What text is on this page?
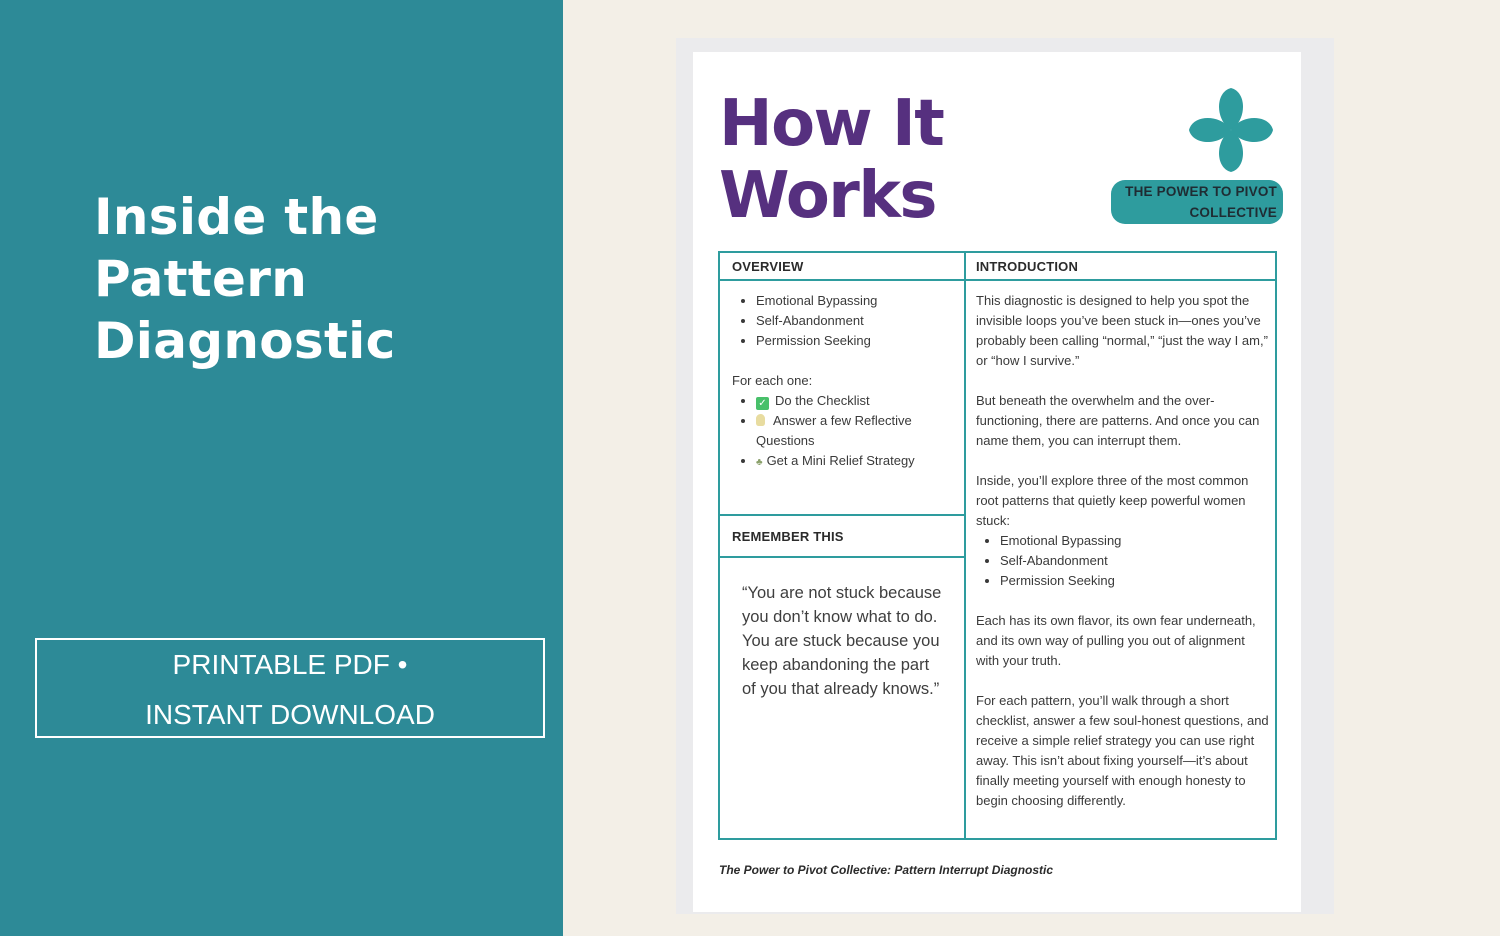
Inside the
Pattern
Diagnostic
PRINTABLE PDF •
INSTANT DOWNLOAD
How It
Works	THE POWER TO PIVOT
COLLECTIVE
OVERVIEW	INTRODUCTION
• Emotional Bypassing
• Self-Abandonment
• Permission Seeking

For each one:

• ✓ Do the Checklist
• Answer a few Reflective Questions
• ♣ Get a Mini Relief Strategy
REMEMBER THIS
“You are not stuck because you don’t know what to do. You are stuck because you keep abandoning the part of you that already knows.”

This diagnostic is designed to help you spot the invisible loops you’ve been stuck in—ones you’ve probably been calling “normal,” “just the way I am,” or “how I survive.”

But beneath the overwhelm and the over-functioning, there are patterns. And once you can name them, you can interrupt them.

Inside, you’ll explore three of the most common root patterns that quietly keep powerful women stuck:

• Emotional Bypassing
• Self-Abandonment
• Permission Seeking

Each has its own flavor, its own fear underneath, and its own way of pulling you out of alignment with your truth.

For each pattern, you’ll walk through a short checklist, answer a few soul-honest questions, and receive a simple relief strategy you can use right away. This isn’t about fixing yourself—it’s about finally meeting yourself with enough honesty to begin choosing differently.

The Power to Pivot Collective: Pattern Interrupt Diagnostic
